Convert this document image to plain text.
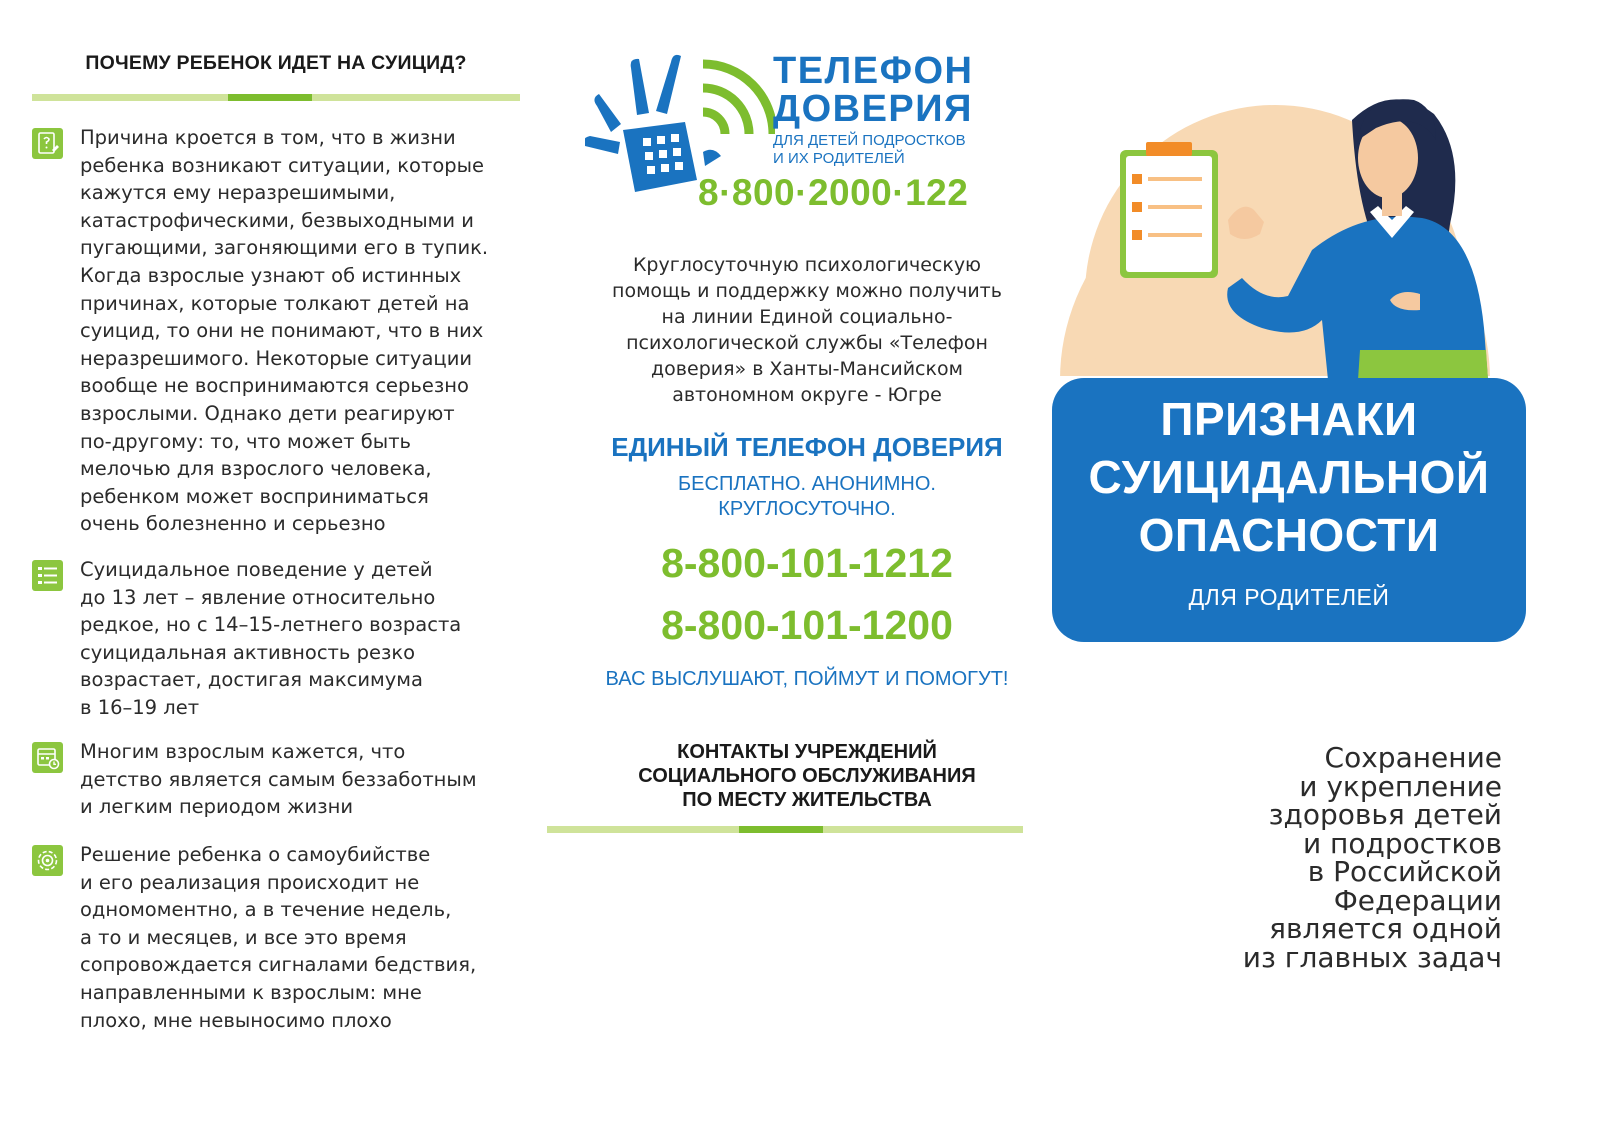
ПОЧЕМУ РЕБЕНОК ИДЕТ НА СУИЦИД?
Причина кроется в том, что в жизни
ребенка возникают ситуации, которые
кажутся ему неразрешимыми,
катастрофическими, безвыходными и
пугающими, загоняющими его в тупик.
Когда взрослые узнают об истинных
причинах, которые толкают детей на
суицид, то они не понимают, что в них
неразрешимого. Некоторые ситуации
вообще не воспринимаются серьезно
взрослыми. Однако дети реагируют
по-другому: то, что может быть
мелочью для взрослого человека,
ребенком может восприниматься
очень болезненно и серьезно
Суицидальное поведение у детей
до 13 лет – явление относительно
редкое, но с 14–15-летнего возраста
суицидальная активность резко
возрастает, достигая максимума
в 16–19 лет
Многим взрослым кажется, что
детство является самым беззаботным
и легким периодом жизни
Решение ребенка о самоубийстве
и его реализация происходит не
одномоментно, а в течение недель,
а то и месяцев, и все это время
сопровождается сигналами бедствия,
направленными к взрослым: мне
плохо, мне невыносимо плохо
ТЕЛЕФОН
ДОВЕРИЯ
ДЛЯ ДЕТЕЙ ПОДРОСТКОВ
И ИХ РОДИТЕЛЕЙ
8·800·2000·122
Круглосуточную психологическую
помощь и поддержку можно получить
на линии Единой социально-
психологической службы «Телефон
доверия» в Ханты-Мансийском
автономном округе - Югре
ЕДИНЫЙ ТЕЛЕФОН ДОВЕРИЯ
БЕСПЛАТНО. АНОНИМНО.
КРУГЛОСУТОЧНО.
8-800-101-1212
8-800-101-1200
ВАС ВЫСЛУШАЮТ, ПОЙМУТ И ПОМОГУТ!
КОНТАКТЫ УЧРЕЖДЕНИЙ
СОЦИАЛЬНОГО ОБСЛУЖИВАНИЯ
ПО МЕСТУ ЖИТЕЛЬСТВА
ПРИЗНАКИ
СУИЦИДАЛЬНОЙ
ОПАСНОСТИ
ДЛЯ РОДИТЕЛЕЙ
Сохранение
и укрепление
здоровья детей
и подростков
в Российской
Федерации
является одной
из главных задач
